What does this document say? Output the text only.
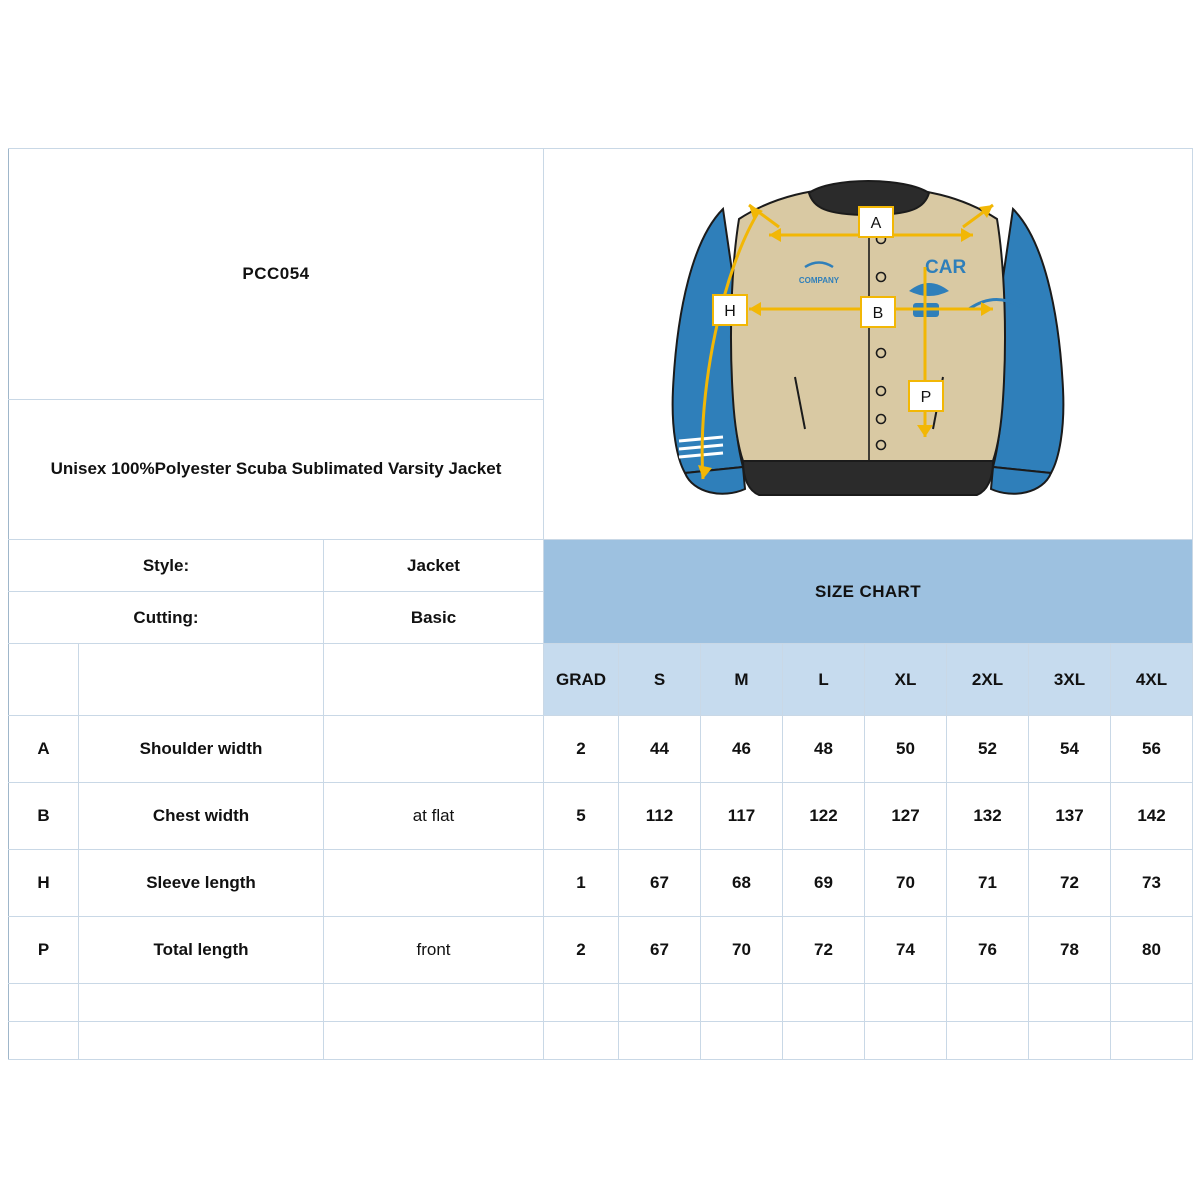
PCC054	COMPANY
CAR
A
H	B
P

Unisex 100%Polyester Scuba Sublimated Varsity Jacket										
Style:		Jacket	SIZE CHART							
Cutting:		Basic								
			GRAD	S	M	L	XL	2XL	3XL	4XL
A	Shoulder width		2	44	46	48	50	52	54	56
B	Chest width	at flat	5	112	117	122	127	132	137	142
H	Sleeve length		1	67	68	69	70	71	72	73
P	Total length	front	2	67	70	72	74	76	78	80
